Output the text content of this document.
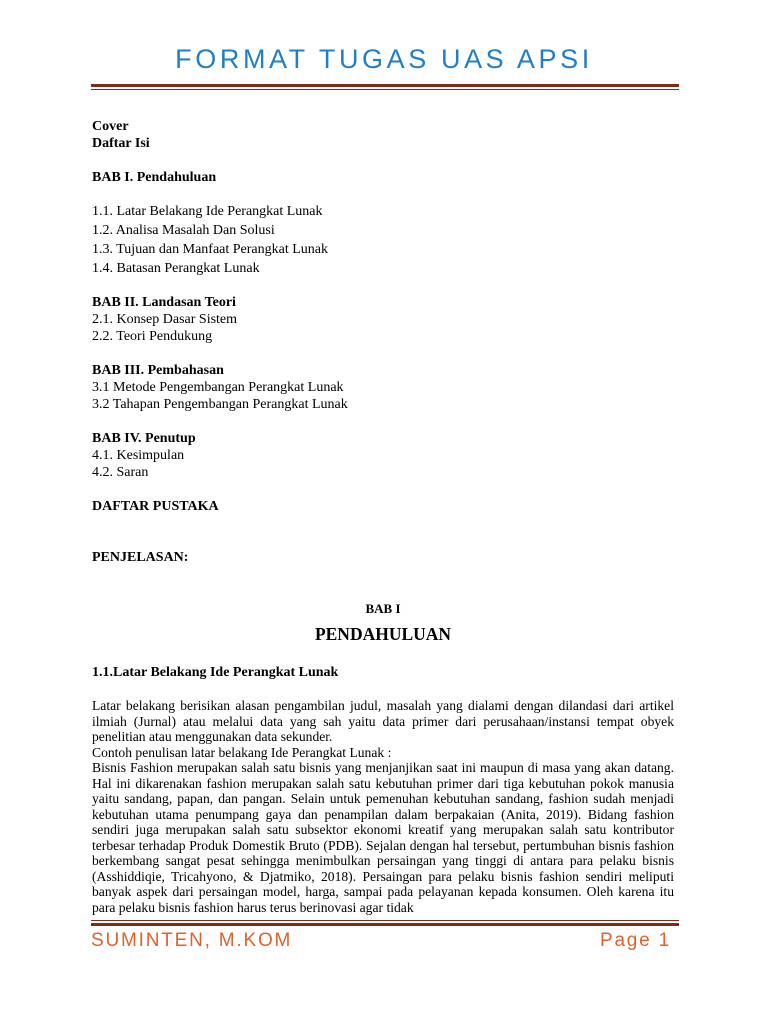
FORMAT TUGAS UAS APSI
Cover
Daftar Isi
BAB I. Pendahuluan
1.1. Latar Belakang Ide Perangkat Lunak
1.2. Analisa Masalah Dan Solusi
1.3. Tujuan dan Manfaat Perangkat Lunak
1.4. Batasan Perangkat Lunak
BAB II. Landasan Teori
2.1. Konsep Dasar Sistem
2.2. Teori Pendukung
BAB III. Pembahasan
3.1 Metode Pengembangan Perangkat Lunak
3.2 Tahapan Pengembangan Perangkat Lunak
BAB IV. Penutup
4.1. Kesimpulan
4.2. Saran
DAFTAR PUSTAKA
PENJELASAN:
BAB I
PENDAHULUAN
1.1.Latar Belakang Ide Perangkat Lunak
Latar belakang berisikan alasan pengambilan judul, masalah yang dialami dengan dilandasi dari artikel ilmiah (Jurnal) atau melalui data yang sah yaitu data primer dari perusahaan/instansi tempat obyek penelitian atau menggunakan data sekunder.
Contoh penulisan latar belakang Ide Perangkat Lunak :
Bisnis Fashion merupakan salah satu bisnis yang menjanjikan saat ini maupun di masa yang akan datang. Hal ini dikarenakan fashion merupakan salah satu kebutuhan primer dari tiga kebutuhan pokok manusia yaitu sandang, papan, dan pangan. Selain untuk pemenuhan kebutuhan sandang, fashion sudah menjadi kebutuhan utama penumpang gaya dan penampilan dalam berpakaian (Anita, 2019). Bidang fashion sendiri juga merupakan salah satu subsektor ekonomi kreatif yang merupakan salah satu kontributor terbesar terhadap Produk Domestik Bruto (PDB). Sejalan dengan hal tersebut, pertumbuhan bisnis fashion berkembang sangat pesat sehingga menimbulkan persaingan yang tinggi di antara para pelaku bisnis (Asshiddiqie, Tricahyono, & Djatmiko, 2018). Persaingan para pelaku bisnis fashion sendiri meliputi banyak aspek dari persaingan model, harga, sampai pada pelayanan kepada konsumen. Oleh karena itu para pelaku bisnis fashion harus terus berinovasi agar tidak
SUMINTEN, M.KOM	Page 1
